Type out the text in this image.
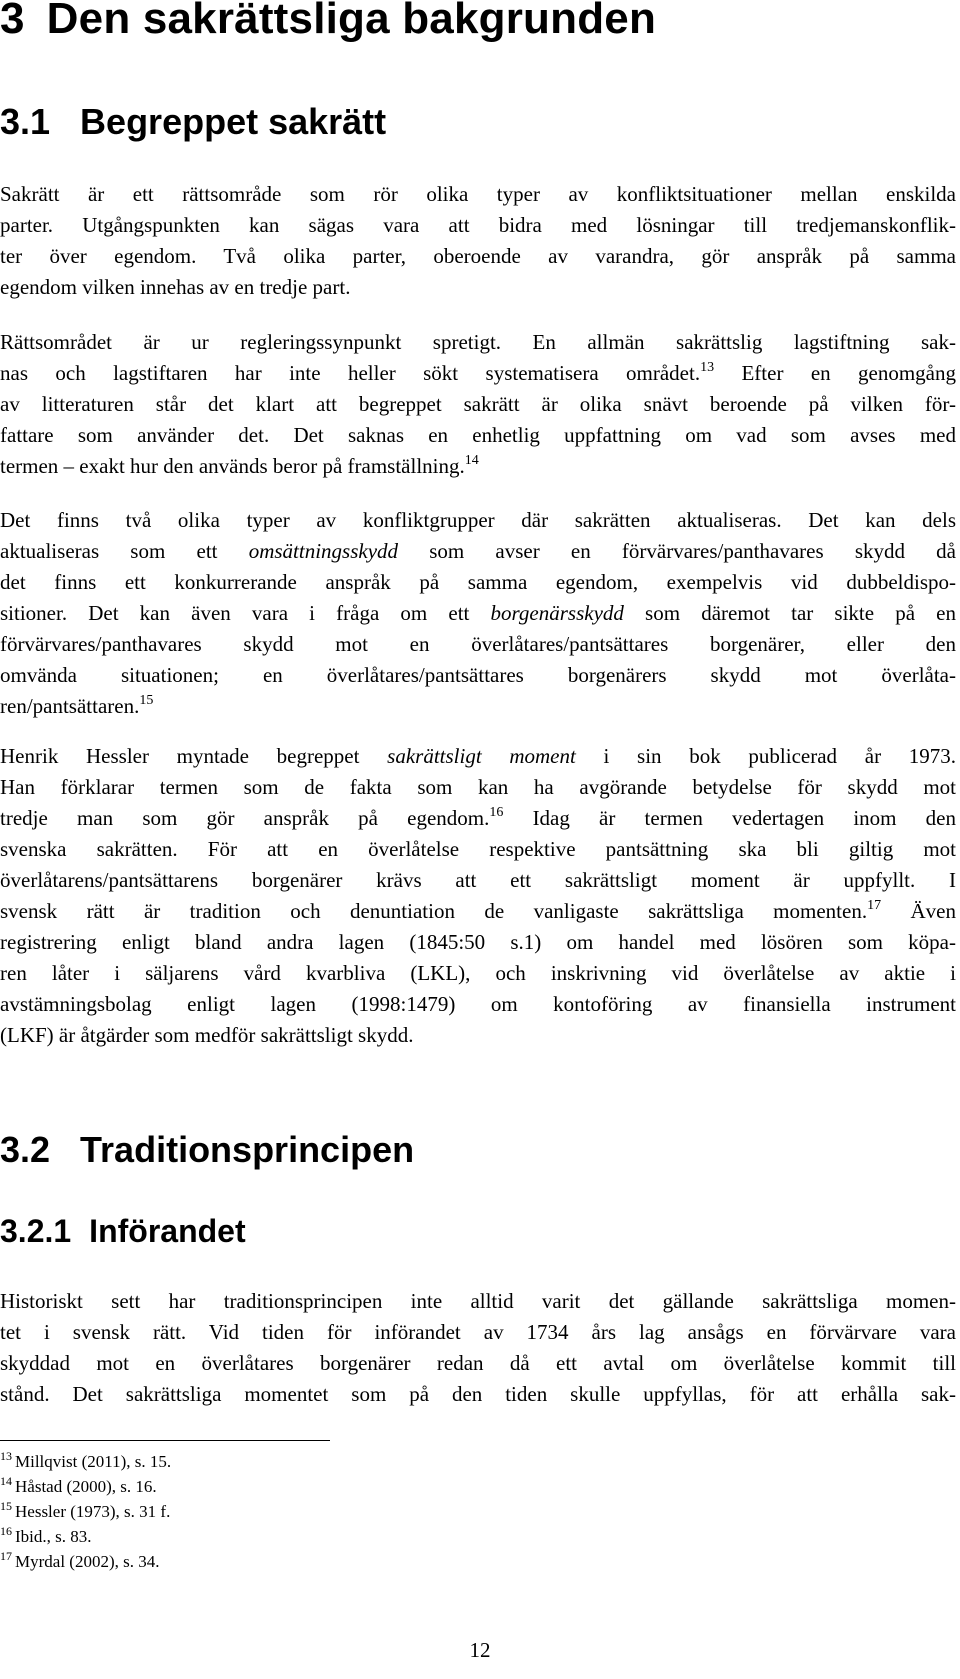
3 Den sakrättsliga bakgrunden
3.1 Begreppet sakrätt
Sakrätt är ett rättsområde som rör olika typer av konfliktsituationer mellan enskilda
parter. Utgångspunkten kan sägas vara att bidra med lösningar till tredjemanskonflik-
ter över egendom. Två olika parter, oberoende av varandra, gör anspråk på samma
egendom vilken innehas av en tredje part.
Rättsområdet är ur regleringssynpunkt spretigt. En allmän sakrättslig lagstiftning sak-
nas och lagstiftaren har inte heller sökt systematisera området.$^{13}$ Efter en genomgång
av litteraturen står det klart att begreppet sakrätt är olika snävt beroende på vilken för-
fattare som använder det. Det saknas en enhetlig uppfattning om vad som avses med
termen – exakt hur den används beror på framställning.$^{14}$
Det finns två olika typer av konfliktgrupper där sakrätten aktualiseras. Det kan dels
aktualiseras som ett omsättningsskydd som avser en förvärvares/panthavares skydd då
det finns ett konkurrerande anspråk på samma egendom, exempelvis vid dubbeldispo-
sitioner. Det kan även vara i fråga om ett borgenärsskydd som däremot tar sikte på en
förvärvares/panthavares skydd mot en överlåtares/pantsättares borgenärer, eller den
omvända situationen; en överlåtares/pantsättares borgenärers skydd mot överlåta-
ren/pantsättaren.$^{15}$
Henrik Hessler myntade begreppet sakrättsligt moment i sin bok publicerad år 1973.
Han förklarar termen som de fakta som kan ha avgörande betydelse för skydd mot
tredje man som gör anspråk på egendom.$^{16}$ Idag är termen vedertagen inom den
svenska sakrätten. För att en överlåtelse respektive pantsättning ska bli giltig mot
överlåtarens/pantsättarens borgenärer krävs att ett sakrättsligt moment är uppfyllt. I
svensk rätt är tradition och denuntiation de vanligaste sakrättsliga momenten.$^{17}$ Även
registrering enligt bland andra lagen (1845:50 s.1) om handel med lösören som köpa-
ren låter i säljarens vård kvarbliva (LKL), och inskrivning vid överlåtelse av aktie i
avstämningsbolag enligt lagen (1998:1479) om kontoföring av finansiella instrument
(LKF) är åtgärder som medför sakrättsligt skydd.
3.2 Traditionsprincipen
3.2.1 Införandet
Historiskt sett har traditionsprincipen inte alltid varit det gällande sakrättsliga momen-
tet i svensk rätt. Vid tiden för införandet av 1734 års lag ansågs en förvärvare vara
skyddad mot en överlåtares borgenärer redan då ett avtal om överlåtelse kommit till
stånd. Det sakrättsliga momentet som på den tiden skulle uppfyllas, för att erhålla sak-
$^{13}$ Millqvist (2011), s. 15.
$^{14}$ Håstad (2000), s. 16.
$^{15}$ Hessler (1973), s. 31 f.
$^{16}$ Ibid., s. 83.
$^{17}$ Myrdal (2002), s. 34.
12
